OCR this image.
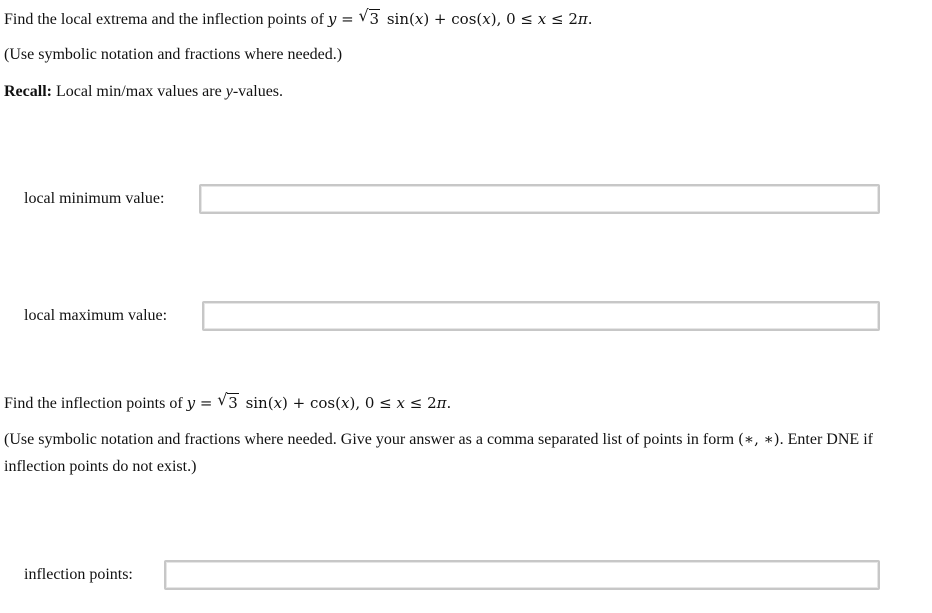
Find the local extrema and the inflection points of y = √ 3 sin(x) + cos(x), 0 ≤ x ≤ 2π.
(Use symbolic notation and fractions where needed.)
Recall: Local min/max values are y-values.
local minimum value:
local maximum value:
Find the inflection points of y = √ 3 sin(x) + cos(x), 0 ≤ x ≤ 2π.
(Use symbolic notation and fractions where needed. Give your answer as a comma separated list of points in form (∗, ∗). Enter DNE if inflection points do not exist.)
inflection points:
